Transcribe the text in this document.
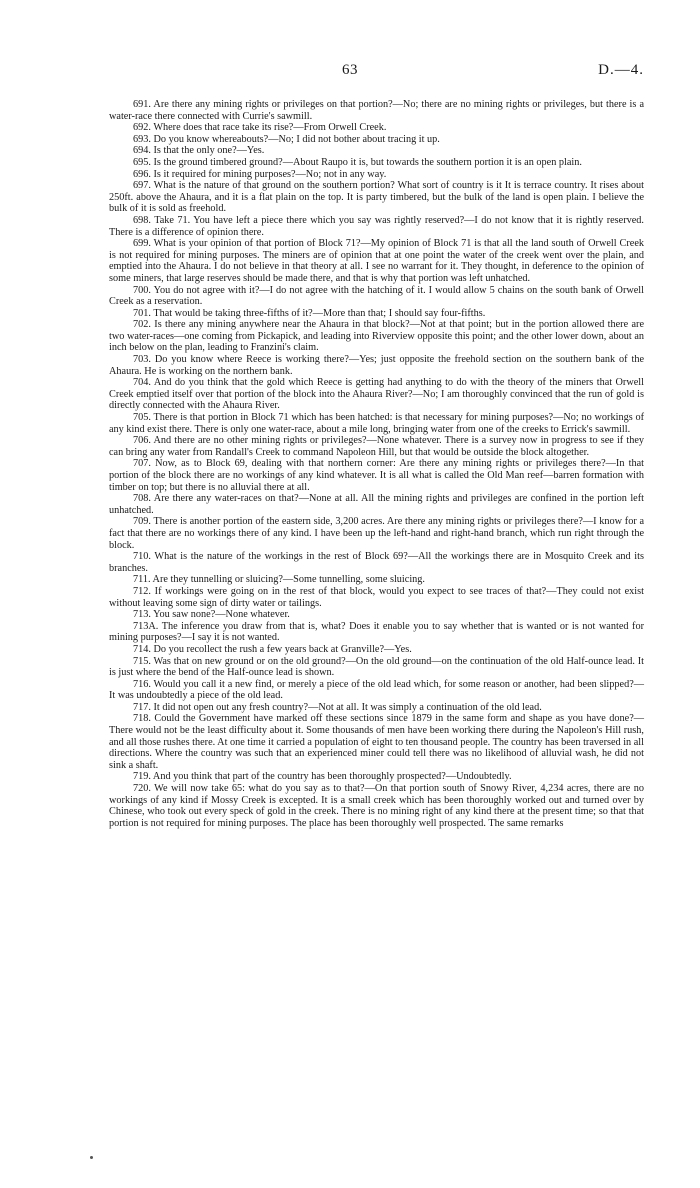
63	D.—4.

691. Are there any mining rights or privileges on that portion?—No; there are no mining rights or privileges, but there is a water-race there connected with Currie's sawmill.

692. Where does that race take its rise?—From Orwell Creek.

693. Do you know whereabouts?—No; I did not bother about tracing it up.

694. Is that the only one?—Yes.

695. Is the ground timbered ground?—About Raupo it is, but towards the southern portion it is an open plain.

696. Is it required for mining purposes?—No; not in any way.

697. What is the nature of that ground on the southern portion? What sort of country is it It is terrace country. It rises about 250ft. above the Ahaura, and it is a flat plain on the top. It is party timbered, but the bulk of the land is open plain. I believe the bulk of it is sold as freehold.

698. Take 71. You have left a piece there which you say was rightly reserved?—I do not know that it is rightly reserved. There is a difference of opinion there.

699. What is your opinion of that portion of Block 71?—My opinion of Block 71 is that all the land south of Orwell Creek is not required for mining purposes. The miners are of opinion that at one point the water of the creek went over the plain, and emptied into the Ahaura. I do not believe in that theory at all. I see no warrant for it. They thought, in deference to the opinion of some miners, that large reserves should be made there, and that is why that portion was left unhatched.

700. You do not agree with it?—I do not agree with the hatching of it. I would allow 5 chains on the south bank of Orwell Creek as a reservation.

701. That would be taking three-fifths of it?—More than that; I should say four-fifths.

702. Is there any mining anywhere near the Ahaura in that block?—Not at that point; but in the portion allowed there are two water-races—one coming from Pickapick, and leading into Riverview opposite this point; and the other lower down, about an inch below on the plan, leading to Franzini's claim.

703. Do you know where Reece is working there?—Yes; just opposite the freehold section on the southern bank of the Ahaura. He is working on the northern bank.

704. And do you think that the gold which Reece is getting had anything to do with the theory of the miners that Orwell Creek emptied itself over that portion of the block into the Ahaura River?—No; I am thoroughly convinced that the run of gold is directly connected with the Ahaura River.

705. There is that portion in Block 71 which has been hatched: is that necessary for mining purposes?—No; no workings of any kind exist there. There is only one water-race, about a mile long, bringing water from one of the creeks to Errick's sawmill.

706. And there are no other mining rights or privileges?—None whatever. There is a survey now in progress to see if they can bring any water from Randall's Creek to command Napoleon Hill, but that would be outside the block altogether.

707. Now, as to Block 69, dealing with that northern corner: Are there any mining rights or privileges there?—In that portion of the block there are no workings of any kind whatever. It is all what is called the Old Man reef—barren formation with timber on top; but there is no alluvial there at all.

708. Are there any water-races on that?—None at all. All the mining rights and privileges are confined in the portion left unhatched.

709. There is another portion of the eastern side, 3,200 acres. Are there any mining rights or privileges there?—I know for a fact that there are no workings there of any kind. I have been up the left-hand and right-hand branch, which run right through the block.

710. What is the nature of the workings in the rest of Block 69?—All the workings there are in Mosquito Creek and its branches.

711. Are they tunnelling or sluicing?—Some tunnelling, some sluicing.

712. If workings were going on in the rest of that block, would you expect to see traces of that?—They could not exist without leaving some sign of dirty water or tailings.

713. You saw none?—None whatever.

713A. The inference you draw from that is, what? Does it enable you to say whether that is wanted or is not wanted for mining purposes?—I say it is not wanted.

714. Do you recollect the rush a few years back at Granville?—Yes.

715. Was that on new ground or on the old ground?—On the old ground—on the continuation of the old Half-ounce lead. It is just where the bend of the Half-ounce lead is shown.

716. Would you call it a new find, or merely a piece of the old lead which, for some reason or another, had been slipped?—It was undoubtedly a piece of the old lead.

717. It did not open out any fresh country?—Not at all. It was simply a continuation of the old lead.

718. Could the Government have marked off these sections since 1879 in the same form and shape as you have done?—There would not be the least difficulty about it. Some thousands of men have been working there during the Napoleon's Hill rush, and all those rushes there. At one time it carried a population of eight to ten thousand people. The country has been traversed in all directions. Where the country was such that an experienced miner could tell there was no likelihood of alluvial wash, he did not sink a shaft.

719. And you think that part of the country has been thoroughly prospected?—Undoubtedly.

720. We will now take 65: what do you say as to that?—On that portion south of Snowy River, 4,234 acres, there are no workings of any kind if Mossy Creek is excepted. It is a small creek which has been thoroughly worked out and turned over by Chinese, who took out every speck of gold in the creek. There is no mining right of any kind there at the present time; so that that portion is not required for mining purposes. The place has been thoroughly well prospected. The same remarks
